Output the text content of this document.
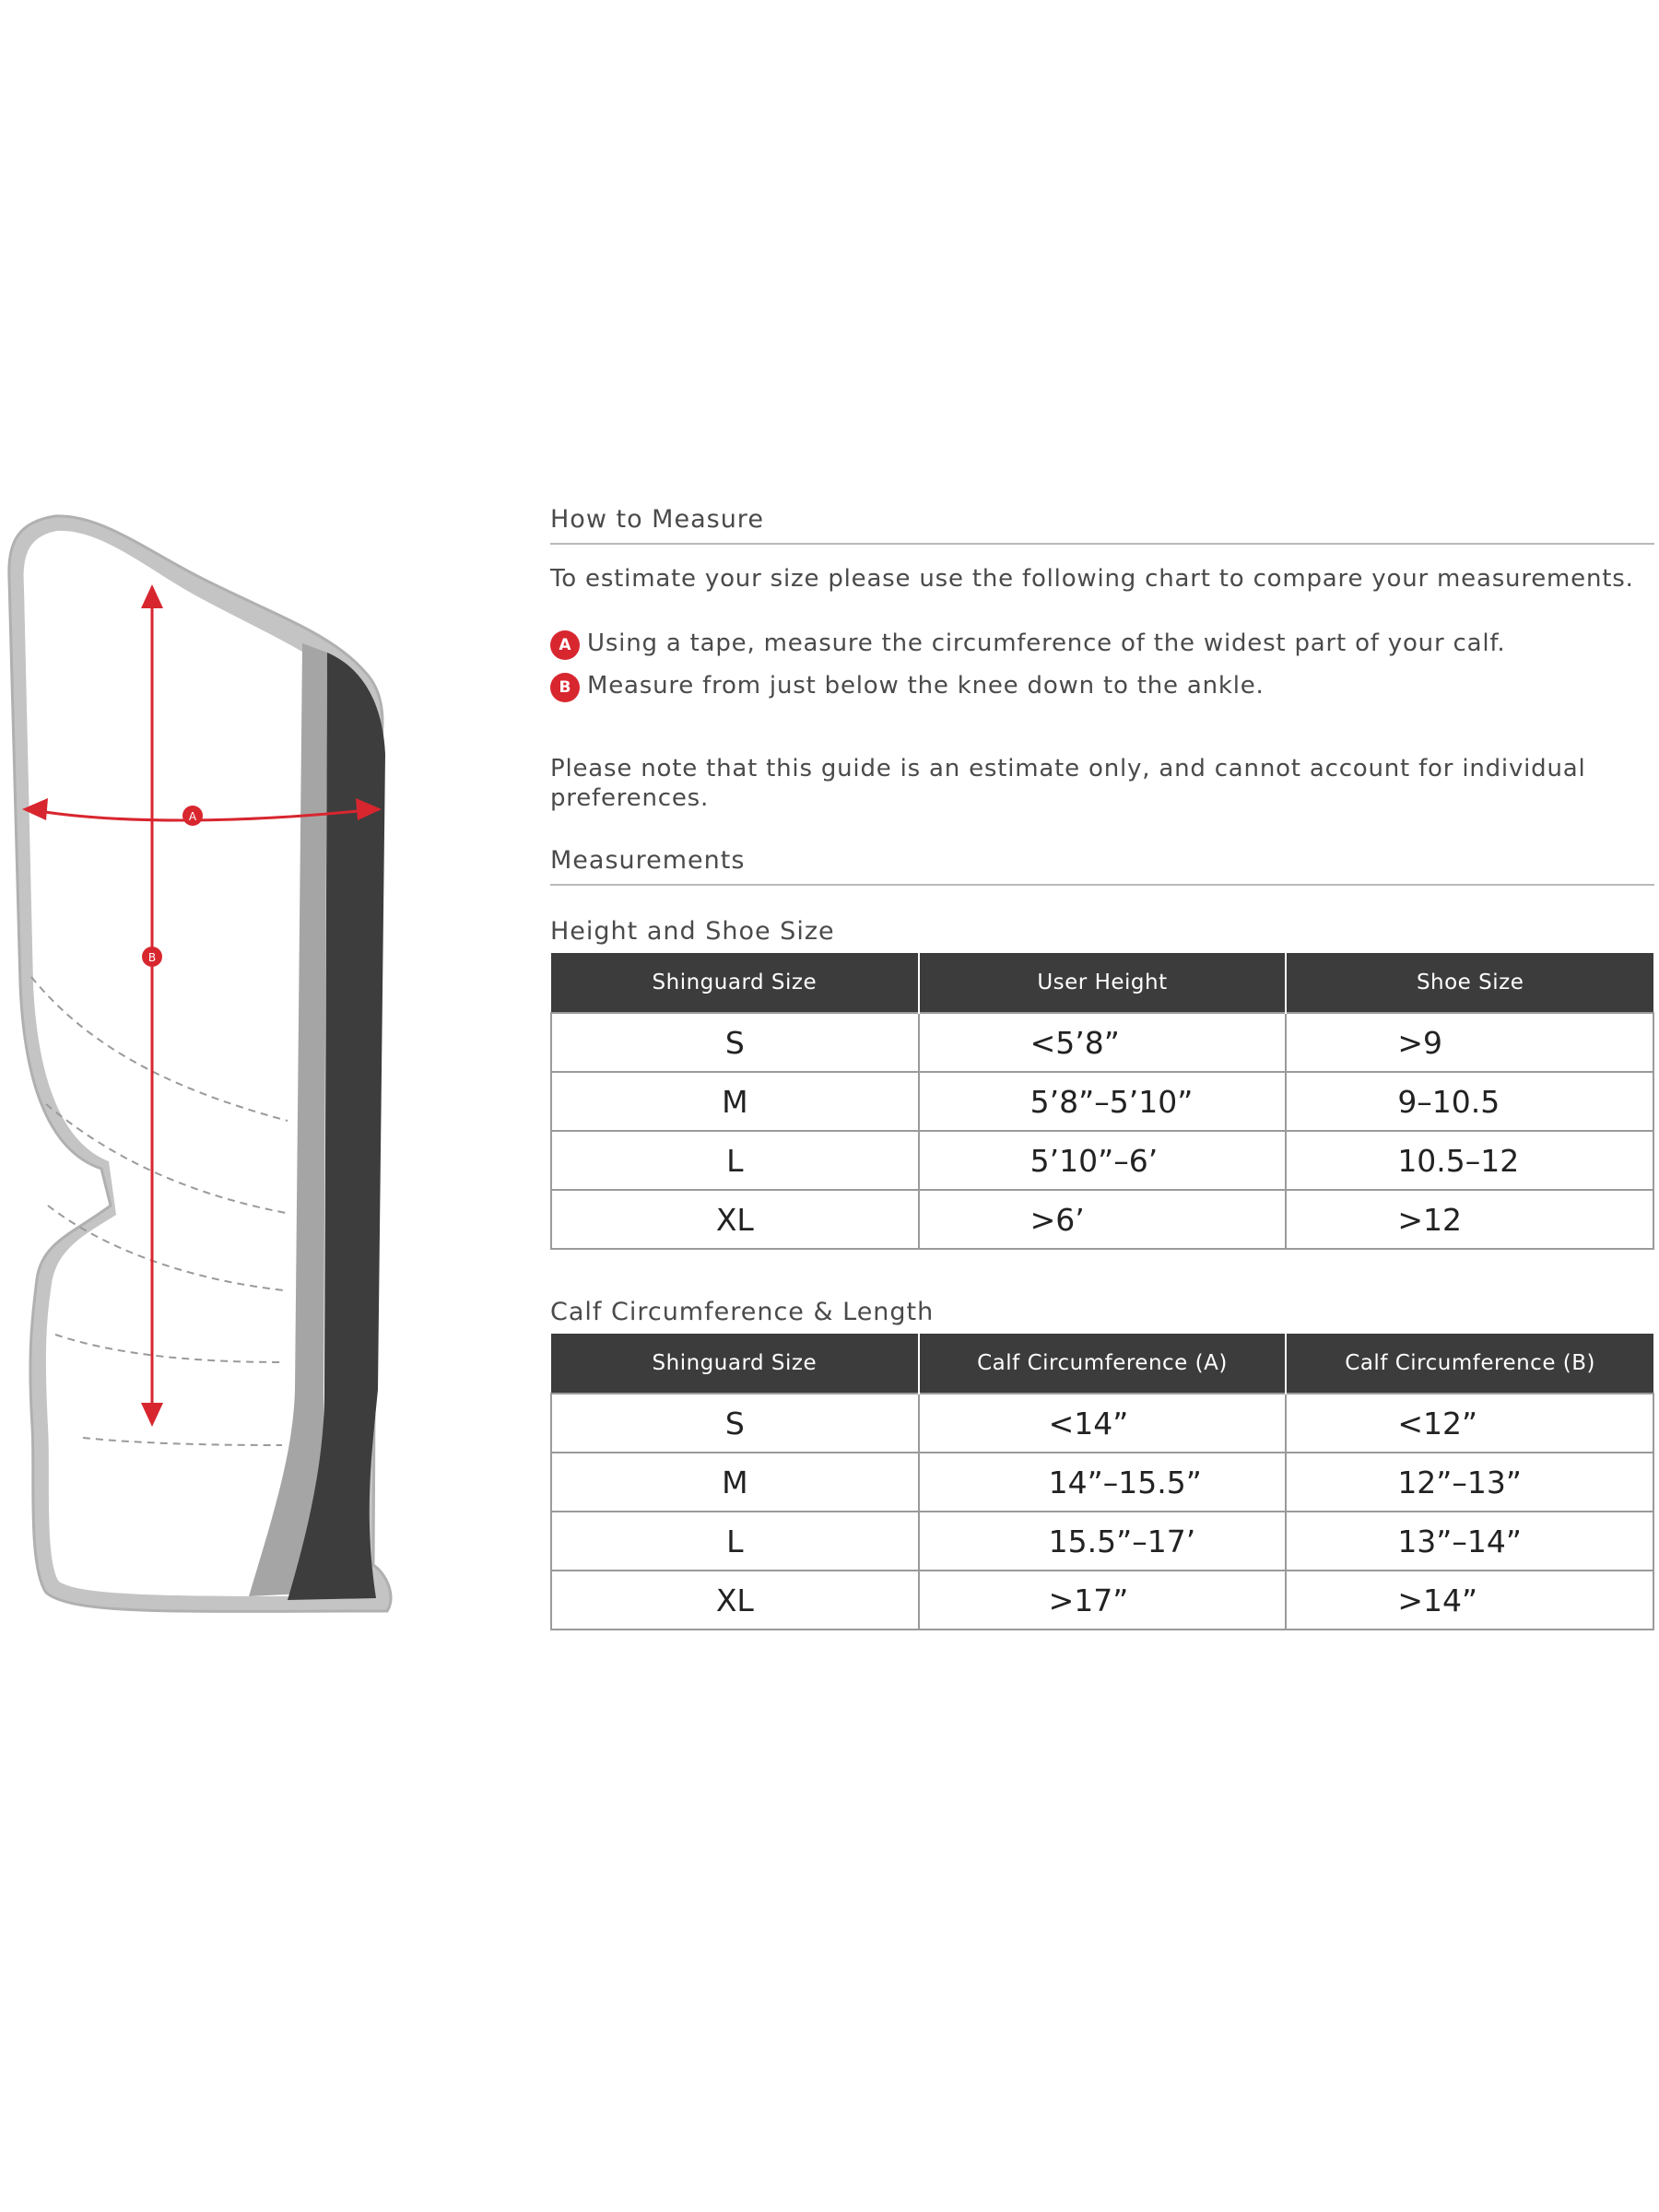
A
B
How to Measure
To estimate your size please use the following chart to compare your measurements.
A Using a tape, measure the circumference of the widest part of your calf.
B Measure from just below the knee down to the ankle.
Please note that this guide is an estimate only, and cannot account for individual preferences.
Measurements
Height and Shoe Size
Shinguard Size	User Height	Shoe Size
S	<5’8”	>9
M	5’8”–5’10”	9–10.5
L	5’10”–6’	10.5–12
XL	>6’	>12
Calf Circumference & Length
Shinguard Size	Calf Circumference (A)	Calf Circumference (B)
S	<14”	<12”
M	14”–15.5”	12”–13”
L	15.5”–17’	13”–14”
XL	>17”	>14”
